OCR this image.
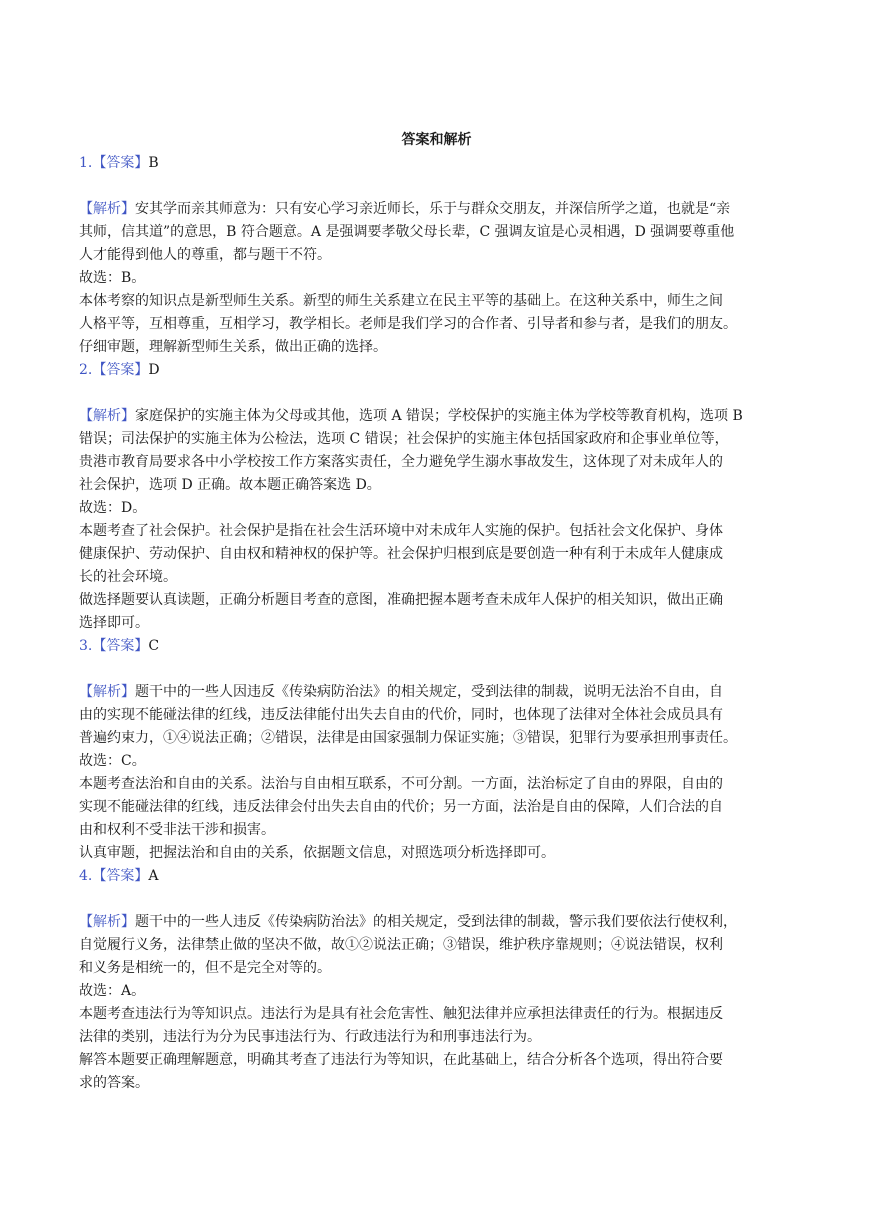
答案和解析
1.【答案】B
【解析】安其学而亲其师意为：只有安心学习亲近师长，乐于与群众交朋友，并深信所学之道，也就是“亲
其师，信其道”的意思，B 符合题意。A 是强调要孝敬父母长辈，C 强调友谊是心灵相遇，D 强调要尊重他
人才能得到他人的尊重，都与题干不符。
故选：B。
本体考察的知识点是新型师生关系。新型的师生关系建立在民主平等的基础上。在这种关系中，师生之间
人格平等，互相尊重，互相学习，教学相长。老师是我们学习的合作者、引导者和参与者，是我们的朋友。
仔细审题，理解新型师生关系，做出正确的选择。
2.【答案】D
【解析】家庭保护的实施主体为父母或其他，选项 A 错误；学校保护的实施主体为学校等教育机构，选项 B
错误；司法保护的实施主体为公检法，选项 C 错误；社会保护的实施主体包括国家政府和企事业单位等，
贵港市教育局要求各中小学校按工作方案落实责任，全力避免学生溺水事故发生，这体现了对未成年人的
社会保护，选项 D 正确。故本题正确答案选 D。
故选：D。
本题考查了社会保护。社会保护是指在社会生活环境中对未成年人实施的保护。包括社会文化保护、身体
健康保护、劳动保护、自由权和精神权的保护等。社会保护归根到底是要创造一种有利于未成年人健康成
长的社会环境。
做选择题要认真读题，正确分析题目考查的意图，准确把握本题考查未成年人保护的相关知识，做出正确
选择即可。
3.【答案】C
【解析】题干中的一些人因违反《传染病防治法》的相关规定，受到法律的制裁，说明无法治不自由，自
由的实现不能碰法律的红线，违反法律能付出失去自由的代价，同时，也体现了法律对全体社会成员具有
普遍约束力，①④说法正确；②错误，法律是由国家强制力保证实施；③错误，犯罪行为要承担刑事责任。
故选：C。
本题考查法治和自由的关系。法治与自由相互联系，不可分割。一方面，法治标定了自由的界限，自由的
实现不能碰法律的红线，违反法律会付出失去自由的代价；另一方面，法治是自由的保障，人们合法的自
由和权利不受非法干涉和损害。
认真审题，把握法治和自由的关系，依据题文信息，对照选项分析选择即可。
4.【答案】A
【解析】题干中的一些人违反《传染病防治法》的相关规定，受到法律的制裁，警示我们要依法行使权利，
自觉履行义务，法律禁止做的坚决不做，故①②说法正确；③错误，维护秩序靠规则；④说法错误，权利
和义务是相统一的，但不是完全对等的。
故选：A。
本题考查违法行为等知识点。违法行为是具有社会危害性、触犯法律并应承担法律责任的行为。根据违反
法律的类别，违法行为分为民事违法行为、行政违法行为和刑事违法行为。
解答本题要正确理解题意，明确其考查了违法行为等知识，在此基础上，结合分析各个选项，得出符合要
求的答案。
